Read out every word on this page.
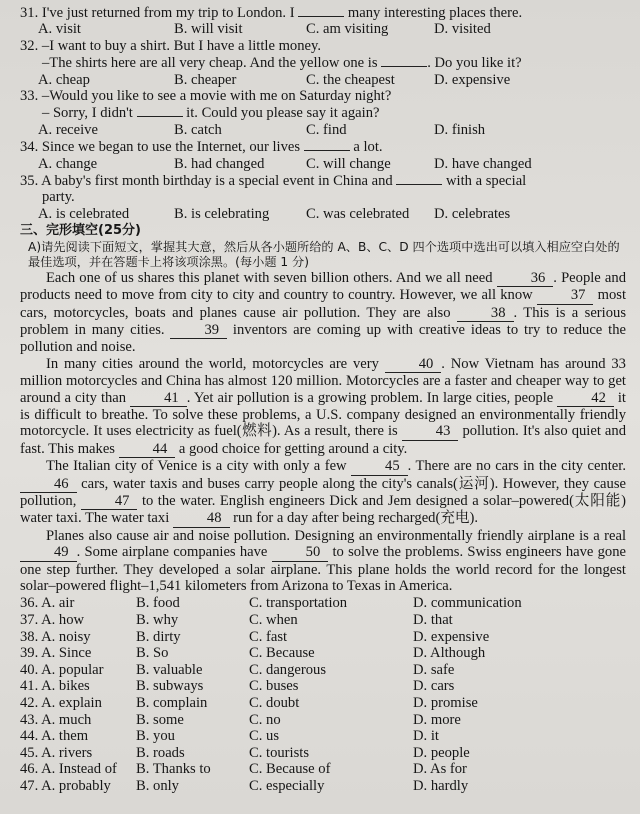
31. I've just returned from my trip to London. I	many interesting places there.
A. visit	B. will visit	C. am visiting	D. visited
32. –I want to buy a shirt. But I have a little money.
–The shirts here are all very cheap. And the yellow one is	. Do you like it?
A. cheap	B. cheaper	C. the cheapest	D. expensive
33. –Would you like to see a movie with me on Saturday night?
– Sorry, I didn't	it. Could you please say it again?
A. receive	B. catch	C. find	D. finish
34. Since we began to use the Internet, our lives	a lot.
A. change	B. had changed	C. will change	D. have changed
35. A baby's first month birthday is a special event in China and	with a special
party.
A. is celebrated	B. is celebrating	C. was celebrated	D. celebrates
三、完形填空(25分)
A)请先阅读下面短文，掌握其大意，然后从各小题所给的 A、B、C、D 四个选项中选出可以填入相应空白处的最佳选项，并在答题卡上将该项涂黑。(每小题 1 分)

Each one of us shares this planet with seven billion others. And we all need 36 . People and products need to move from city to city and country to country. However, we all know 37 most cars, motorcycles, boats and planes cause air pollution. They are also 38 . This is a serious problem in many cities. 39 inventors are coming up with creative ideas to try to reduce the pollution and noise.

In many cities around the world, motorcycles are very 40 . Now Vietnam has around 33 million motorcycles and China has almost 120 million. Motorcycles are a faster and cheaper way to get around a city than 41 . Yet air pollution is a growing problem. In large cities, people 42 it is difficult to breathe. To solve these problems, a U.S. company designed an environmentally friendly motorcycle. It uses electricity as fuel(燃料). As a result, there is 43 pollution. It's also quiet and fast. This makes 44 a good choice for getting around a city.

The Italian city of Venice is a city with only a few 45 . There are no cars in the city center. 46 cars, water taxis and buses carry people along the city's canals(运河). However, they cause pollution, 47 to the water. English engineers Dick and Jem designed a solar–powered(太阳能) water taxi. The water taxi 48 run for a day after being recharged(充电).

Planes also cause air and noise pollution. Designing an environmentally friendly airplane is a real 49 . Some airplane companies have 50 to solve the problems. Swiss engineers have gone one step further. They developed a solar airplane. This plane holds the world record for the longest solar–powered flight–1,541 kilometers from Arizona to Texas in America.

36. A. air	B. food	C. transportation	D. communication
37. A. how	B. why	C. when	D. that
38. A. noisy	B. dirty	C. fast	D. expensive
39. A. Since	B. So	C. Because	D. Although
40. A. popular	B. valuable	C. dangerous	D. safe
41. A. bikes	B. subways	C. buses	D. cars
42. A. explain	B. complain	C. doubt	D. promise
43. A. much	B. some	C. no	D. more
44. A. them	B. you	C. us	D. it
45. A. rivers	B. roads	C. tourists	D. people
46. A. Instead of	B. Thanks to	C. Because of	D. As for
47. A. probably	B. only	C. especially	D. hardly
